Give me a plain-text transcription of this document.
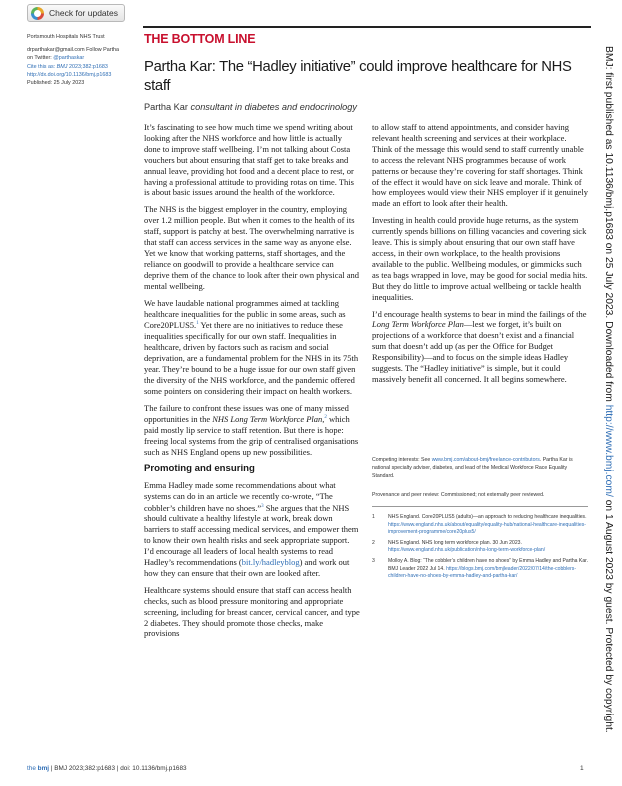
Check for updates
Portsmouth Hospitals NHS Trust
drparthakar@gmail.com Follow Partha
on Twitter: @parthaskar
Cite this as: BMJ 2023;382:p1683
http://dx.doi.org/10.1136/bmj.p1683
Published: 25 July 2023
THE BOTTOM LINE
Partha Kar: The “Hadley initiative” could improve healthcare for NHS staff
Partha Kar consultant in diabetes and endocrinology

It’s fascinating to see how much time we spend writing about looking after the NHS workforce and how little is actually done to improve staff wellbeing. I’m not talking about Costa vouchers but about ensuring that staff get to take breaks and annual leave, providing hot food and a decent place to rest, or having a professional attitude to providing rotas on time. This is about basic issues around the health of the workforce.

The NHS is the biggest employer in the country, employing over 1.2 million people. But when it comes to the health of its staff, support is patchy at best. The overwhelming narrative is that staff can access services in the same way as anyone else. Yet we know that working patterns, staff shortages, and the reliance on goodwill to provide a healthcare service can deprive them of the chance to look after their own physical and mental wellbeing.

We have laudable national programmes aimed at tackling healthcare inequalities for the public in some areas, such as Core20PLUS5.$^1$ Yet there are no initiatives to reduce these inequalities specifically for our own staff. Inequalities in healthcare, driven by factors such as racism and social deprivation, are a fundamental problem for the NHS in its 75th year. They’re bound to be a huge issue for our own staff given the diversity of the NHS workforce, and the pandemic offered some pointers on considering their impact on health workers.

The failure to confront these issues was one of many missed opportunities in the NHS Long Term Workforce Plan,$^2$ which paid mostly lip service to staff retention. But there is hope: freeing local systems from the grip of centralised organisations such as NHS England opens up new possibilities.

Promoting and ensuring

Emma Hadley made some recommendations about what systems can do in an article we recently co-wrote, “The cobbler’s children have no shoes.”$^3$ She argues that the NHS should cultivate a healthy lifestyle at work, break down barriers to staff accessing medical services, and empower them to know their own health risks and seek appropriate support. I’d encourage all leaders of local health systems to read Hadley’s recommendations (bit.ly/hadleyblog) and work out how they can ensure that their own are looked after.

Healthcare systems should ensure that staff can access health checks, such as blood pressure monitoring and appropriate screening, including for breast cancer, cervical cancer, and type 2 diabetes. They should promote those checks, make provisions

to allow staff to attend appointments, and consider having relevant health screening and services at their workplace. Think of the message this would send to staff currently unable to access the relevant NHS programmes because of work patterns or because they’re covering for staff shortages. Think of the effect it would have on sick leave and morale. Think of how employees would view their NHS employer if it genuinely made an effort to look after their health.

Investing in health could provide huge returns, as the system currently spends billions on filling vacancies and covering sick leave. This is simply about ensuring that our own staff have access, in their own workplace, to the health provisions available to the public. Wellbeing modules, or gimmicks such as tea bags wrapped in love, may be good for social media hits. But they do little to improve actual wellbeing or tackle health inequalities.

I’d encourage health systems to bear in mind the failings of the Long Term Workforce Plan—lest we forget, it’s built on projections of a workforce that doesn’t exist and a financial sum that doesn’t add up (as per the Office for Budget Responsibility)—and to focus on the simple ideas Hadley suggests. The “Hadley initiative” is simple, but it could massively benefit all concerned. It all begins somewhere.

Competing interests: See www.bmj.com/about-bmj/freelance-contributors. Partha Kar is national specialty adviser, diabetes, and lead of the Medical Workforce Race Equality Standard.
Provenance and peer review: Commissioned; not externally peer reviewed.
1	NHS England. Core20PLUS5 (adults)—an approach to reducing healthcare inequalities. https://www.england.nhs.uk/about/equality/equality-hub/national-healthcare-inequalities-improvement-programme/core20plus5/
2	NHS England. NHS long term workforce plan. 30 Jun 2023. https://www.england.nhs.uk/publication/nhs-long-term-workforce-plan/
3	Molloy A. Blog: “The cobbler’s children have no shoes” by Emma Hadley and Partha Kar. BMJ Leader 2022 Jul 14. https://blogs.bmj.com/bmjleader/2022/07/14/the-cobblers-children-have-no-shoes-by-emma-hadley-and-partha-kar/
the bmj | BMJ 2023;382:p1683 | doi: 10.1136/bmj.p1683	1
BMJ: first published as 10.1136/bmj.p1683 on 25 July 2023. Downloaded from http://www.bmj.com/ on 1 August 2023 by guest. Protected by copyright.
